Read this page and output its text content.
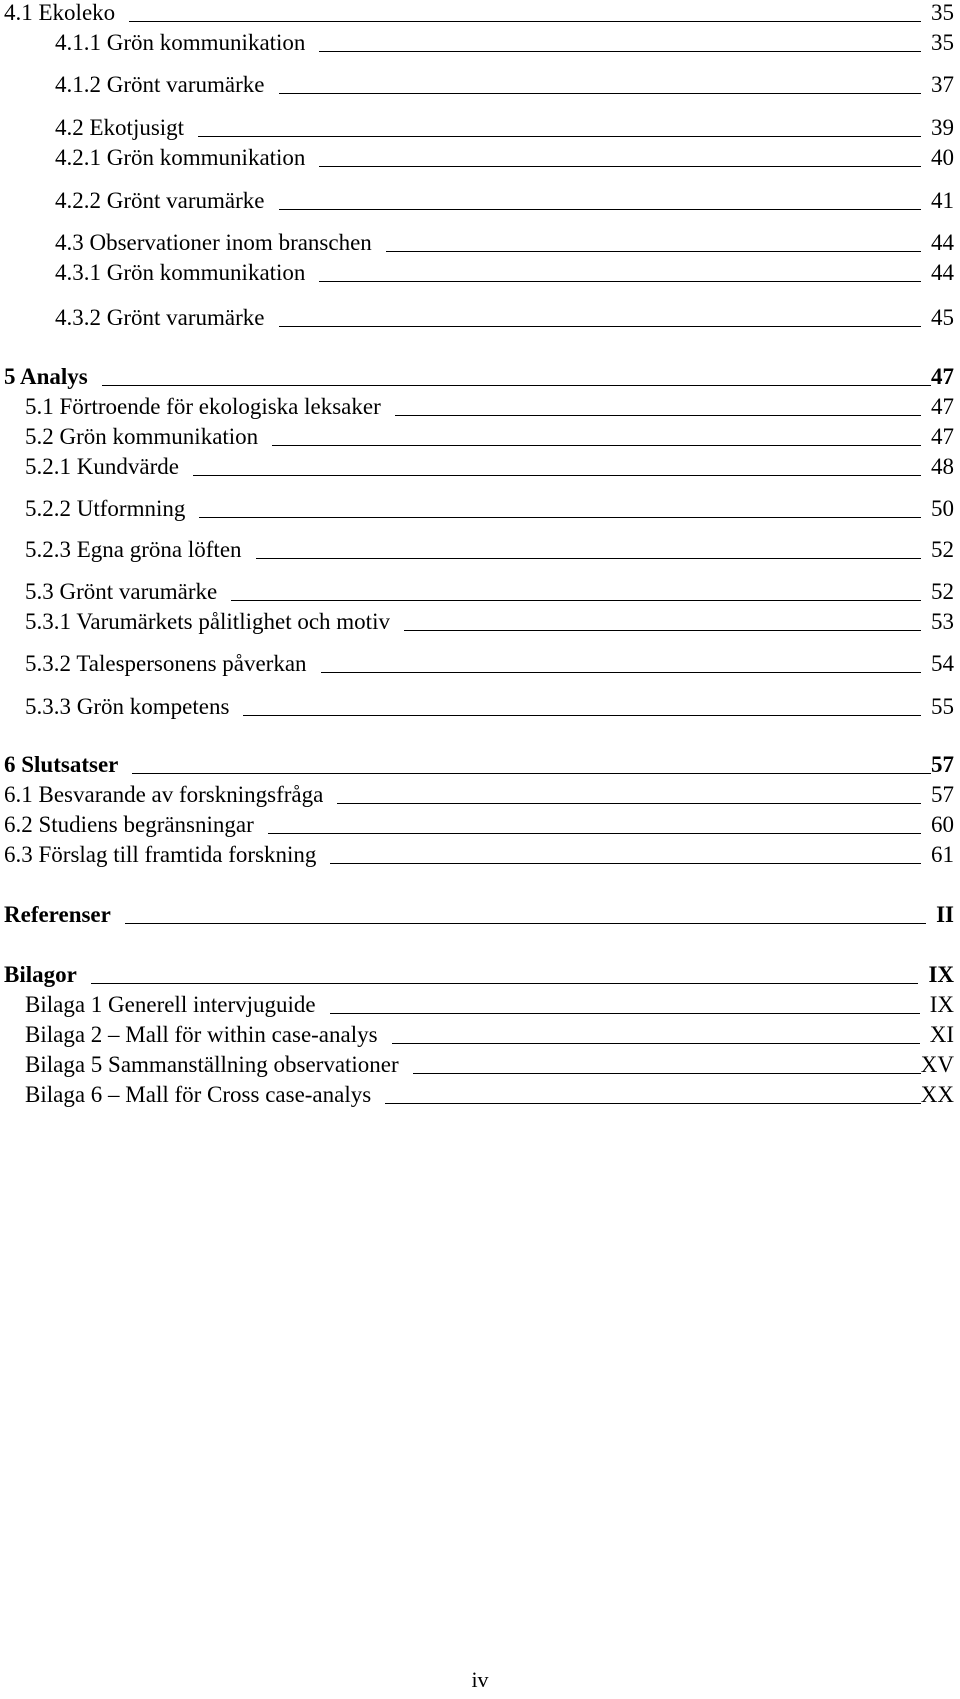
4.1 Ekoleko	35
4.1.1 Grön kommunikation	35
4.1.2 Grönt varumärke	37
4.2 Ekotjusigt	39
4.2.1 Grön kommunikation	40
4.2.2 Grönt varumärke	41
4.3 Observationer inom branschen	44
4.3.1 Grön kommunikation	44
4.3.2 Grönt varumärke	45
5 Analys	47
5.1 Förtroende för ekologiska leksaker	47
5.2 Grön kommunikation	47
5.2.1 Kundvärde	48
5.2.2 Utformning	50
5.2.3 Egna gröna löften	52
5.3 Grönt varumärke	52
5.3.1 Varumärkets pålitlighet och motiv	53
5.3.2 Talespersonens påverkan	54
5.3.3 Grön kompetens	55
6 Slutsatser	57
6.1 Besvarande av forskningsfråga	57
6.2 Studiens begränsningar	60
6.3 Förslag till framtida forskning	61
Referenser	II
Bilagor	IX
Bilaga 1 Generell intervjuguide	IX
Bilaga 2 – Mall för within case-analys	XI
Bilaga 5 Sammanställning observationer	XV
Bilaga 6 – Mall för Cross case-analys	XX
iv
